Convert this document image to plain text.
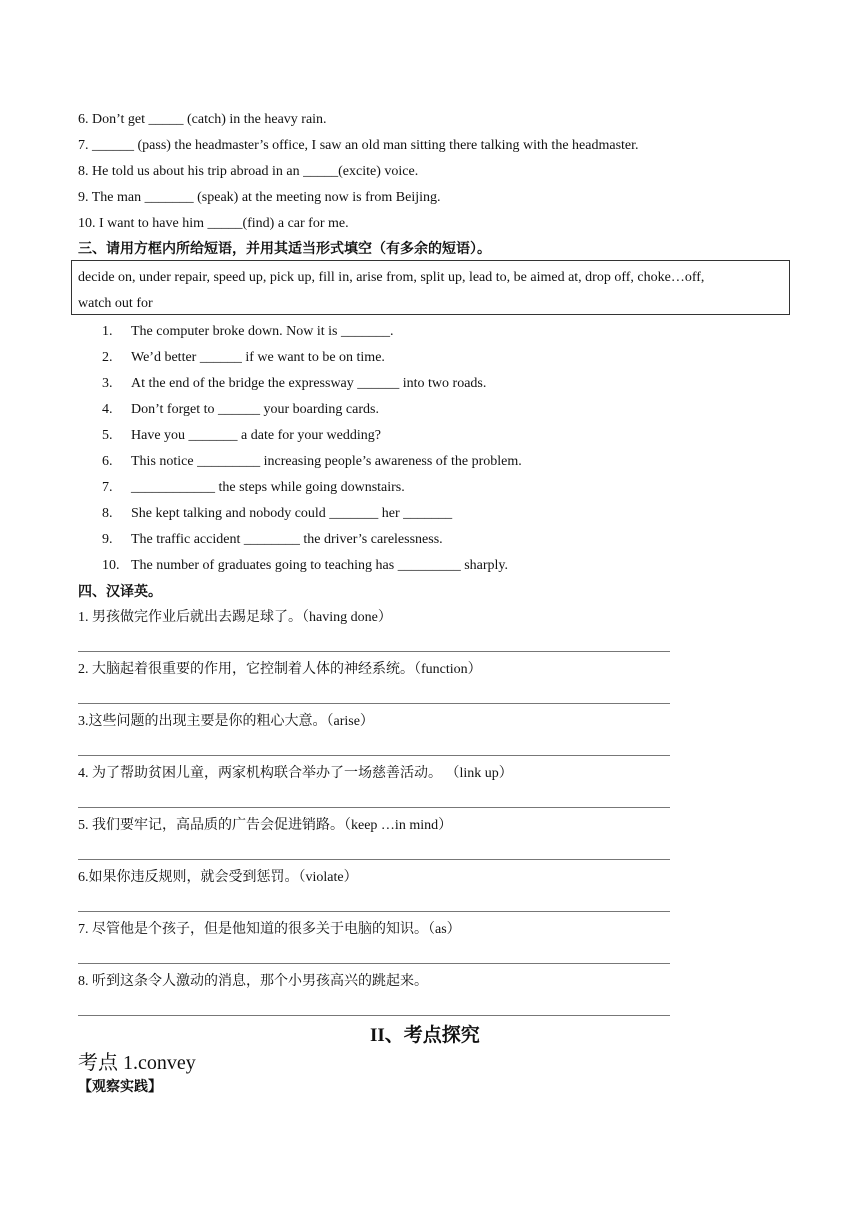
6. Don’t get _____ (catch) in the heavy rain.
7. ______ (pass) the headmaster’s office, I saw an old man sitting there talking with the headmaster.
8. He told us about his trip abroad in an _____(excite) voice.
9. The man _______ (speak) at the meeting now is from Beijing.
10. I want to have him _____(find) a car for me.
三、请用方框内所给短语，并用其适当形式填空（有多余的短语）。
decide on, under repair, speed up, pick up, fill in, arise from, split up, lead to, be aimed at, drop off, choke…off,
watch out for
1. The computer broke down. Now it is _______.
2. We’d better ______ if we want to be on time.
3. At the end of the bridge the expressway ______ into two roads.
4. Don’t forget to ______ your boarding cards.
5. Have you _______ a date for your wedding?
6. This notice _________ increasing people’s awareness of the problem.
7. ____________ the steps while going downstairs.
8. She kept talking and nobody could _______ her _______
9. The traffic accident ________ the driver’s carelessness.
10. The number of graduates going to teaching has _________ sharply.
四、汉译英。
1. 男孩做完作业后就出去踢足球了。（having done）
2. 大脑起着很重要的作用，它控制着人体的神经系统。（function）
3.这些问题的出现主要是你的粗心大意。（arise）
4. 为了帮助贫困儿童，两家机构联合举办了一场慈善活动。 （link up）
5. 我们要牢记，高品质的广告会促进销路。（keep …in mind）
6.如果你违反规则，就会受到惩罚。（violate）
7. 尽管他是个孩子，但是他知道的很多关于电脑的知识。（as）
8. 听到这条令人激动的消息，那个小男孩高兴的跳起来。
II、考点探究
考点 1.convey
【观察实践】
